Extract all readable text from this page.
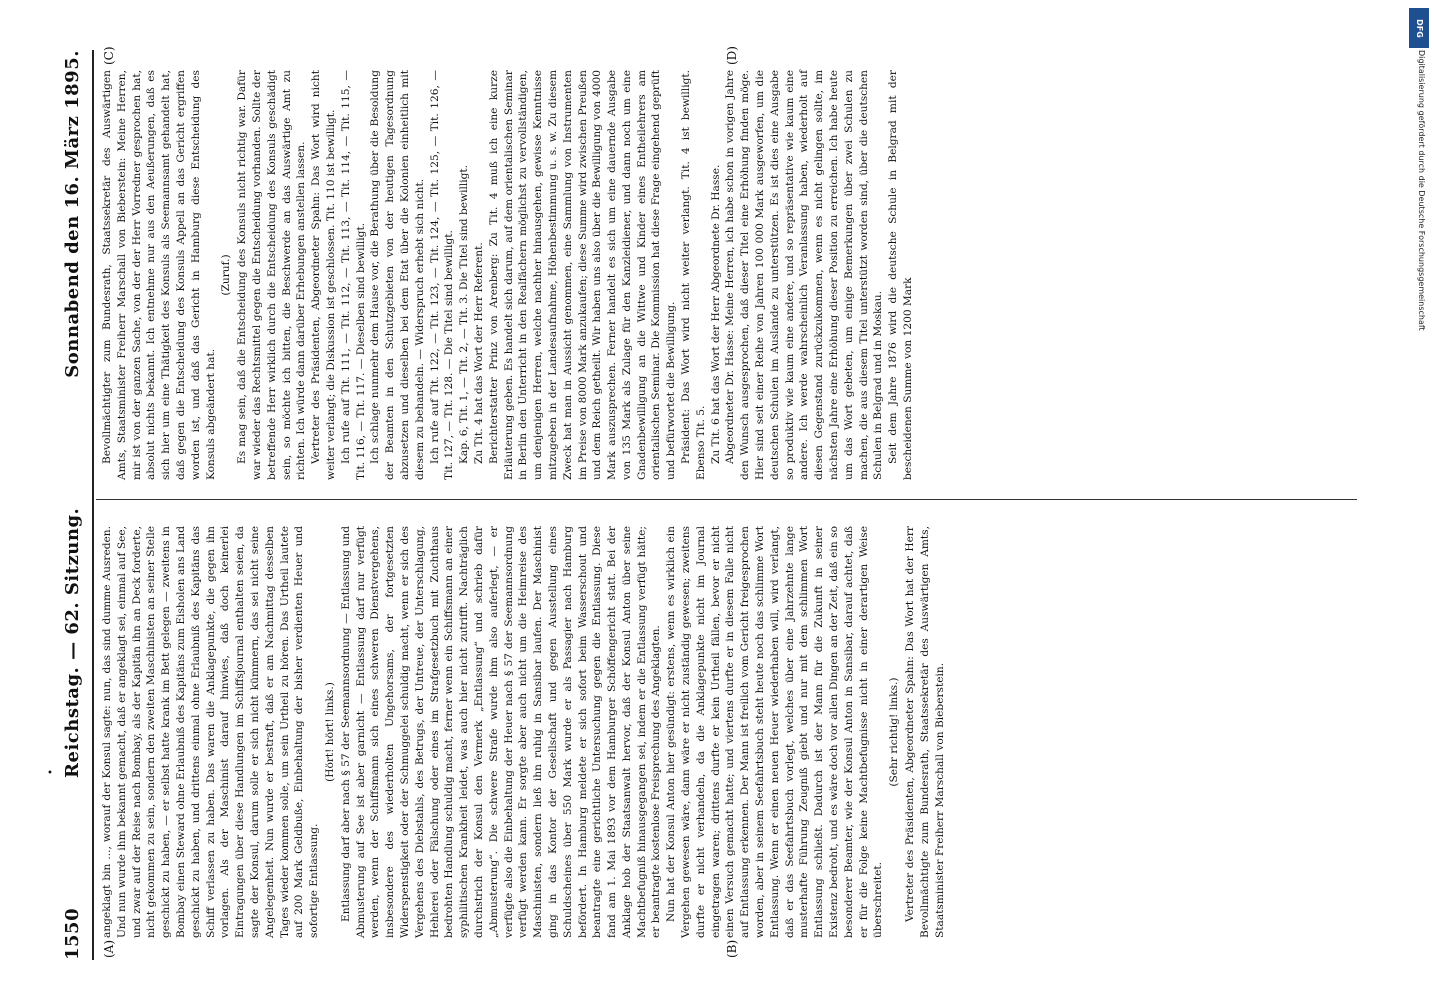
1550
Reichstag. — 62. Sitzung.
Sonnabend den 16. März 1895.
(A)	(B)
(C)	(D)

angeklagt bin ..., worauf der Konsul sagte: nun, das sind dumme Ausreden. Und nun wurde ihm bekannt gemacht, daß er angeklagt sei, einmal auf See, und zwar auf der Reise nach Bombay, als der Kapitän ihn an Deck forderte, nicht gekommen zu sein, sondern den zweiten Maschinisten an seiner Stelle geschickt zu haben, — er selbst hatte krank im Bett gelegen — zweitens in Bombay einen Steward ohne Erlaubniß des Kapitäns zum Eisholen ans Land geschickt zu haben, und drittens einmal ohne Erlaubniß des Kapitäns das Schiff verlassen zu haben. Das waren die Anklagepunkte, die gegen ihn vorlagen. Als der Maschinist darauf hinwies, daß doch keinerlei Eintragungen über diese Handlungen im Schiffsjournal enthalten seien, da sagte der Konsul, darum solle er sich nicht kümmern, das sei nicht seine Angelegenheit. Nun wurde er bestraft, daß er am Nachmittag desselben Tages wieder kommen solle, um sein Urtheil zu hören. Das Urtheil lautete auf 200 Mark Geldbuße, Einbehaltung der bisher verdienten Heuer und sofortige Entlassung.

(Hört! hört! links.) Entlassung darf aber nach § 57 der Seemannsordnung — Entlassung und Abmusterung auf See ist aber garnicht — Entlassung darf nur verfügt werden, wenn der Schiffsmann sich eines schweren Dienstvergehens, insbesondere des wiederholten Ungehorsams, der fortgesetzten Widerspenstigkeit oder der Schmuggelei schuldig macht, wenn er sich des Vergehens des Diebstahls, des Betrugs, der Untreue, der Unterschlagung, Hehlerei oder Fälschung oder eines im Strafgesetzbuch mit Zuchthaus bedrohten Handlung schuldig macht, ferner wenn ein Schiffsmann an einer syphilitischen Krankheit leidet, was auch hier nicht zutrifft. Nachträglich durchstrich der Konsul den Vermerk „Entlassung“ und schrieb dafür „Abmusterung“. Die schwere Strafe wurde ihm also auferlegt, — er verfügte also die Einbehaltung der Heuer nach § 57 der Seemannsordnung verfügt werden kann. Er sorgte aber auch nicht um die Heimreise des Maschinisten, sondern ließ ihn ruhig in Sansibar laufen. Der Maschinist ging in das Kontor der Gesellschaft und gegen Ausstellung eines Schuldscheines über 550 Mark wurde er als Passagier nach Hamburg befördert. In Hamburg meldete er sich sofort beim Wasserschout und beantragte eine gerichtliche Untersuchung gegen die Entlassung. Diese fand am 1. Mai 1893 vor dem Hamburger Schöffengericht statt. Bei der Anklage hob der Staatsanwalt hervor, daß der Konsul Anton über seine Machtbefugniß hinausgegangen sei, indem er die Entlassung verfügt hätte; er beantragte kostenlose Freisprechung des Angeklagten. Nun hat der Konsul Anton hier gesündigt: erstens, wenn es wirklich ein Vergehen gewesen wäre, dann wäre er nicht zuständig gewesen; zweitens durfte er nicht verhandeln, da die Anklagepunkte nicht im Journal eingetragen waren; drittens durfte er kein Urtheil fällen, bevor er nicht einen Versuch gemacht hatte; und viertens durfte er in diesem Falle nicht auf Entlassung erkennen. Der Mann ist freilich vom Gericht freigesprochen worden, aber in seinem Seefahrtsbuch steht heute noch das schlimme Wort Entlassung. Wenn er einen neuen Heuer wiederhaben will, wird verlangt, daß er das Seefahrtsbuch vorlegt, welches über eine Jahrzehnte lange musterhafte Führung Zeugniß giebt und nur mit dem schlimmen Wort Entlassung schließt. Dadurch ist der Mann für die Zukunft in seiner Existenz bedroht, und es wäre doch vor allen Dingen an der Zeit, daß ein so besonderer Beamter, wie der Konsul Anton in Sansibar, darauf achtet, daß er für die Folge keine Machtbefugnisse nicht in einer derartigen Weise überschreitet.

(Sehr richtig! links.) Vertreter des Präsidenten, Abgeordneter Spahn: Das Wort hat der Herr Bevollmächtigte zum Bundesrath, Staatssekretär des Auswärtigen Amts, Staatsminister Freiherr Marschall von Bieberstein.

Bevollmächtigter zum Bundesrath, Staatssekretär des Auswärtigen Amts, Staatsminister Freiherr Marschall von Bieberstein: Meine Herren, mir ist von der ganzen Sache, von der der Herr Vorredner gesprochen hat, absolut nichts bekannt. Ich entnehme nur aus den Aeußerungen, daß es sich hier um eine Thätigkeit des Konsuls als Seemannsamt gehandelt hat, daß gegen die Entscheidung des Konsuls Appell an das Gericht ergriffen worden ist, und daß das Gericht in Hamburg diese Entscheidung des Konsuls abgeändert hat.

(Zuruf.) Es mag sein, daß die Entscheidung des Konsuls nicht richtig war. Dafür war wieder das Rechtsmittel gegen die Entscheidung vorhanden. Sollte der betreffende Herr wirklich durch die Entscheidung des Konsuls geschädigt sein, so möchte ich bitten, die Beschwerde an das Auswärtige Amt zu richten. Ich würde dann darüber Erhebungen anstellen lassen. Vertreter des Präsidenten, Abgeordneter Spahn: Das Wort wird nicht weiter verlangt; die Diskussion ist geschlossen. Tit. 110 ist bewilligt. Ich rufe auf Tit. 111, — Tit. 112, — Tit. 113, — Tit. 114, — Tit. 115, — Tit. 116, — Tit. 117. — Dieselben sind bewilligt. Ich schlage nunmehr dem Hause vor, die Berathung über die Besoldung der Beamten in den Schutzgebieten von der heutigen Tagesordnung abzusetzen und dieselben bei dem Etat über die Kolonien einheitlich mit diesem zu behandeln. — Widerspruch erhebt sich nicht. Ich rufe auf Tit. 122, — Tit. 123, — Tit. 124, — Tit. 125, — Tit. 126, — Tit. 127, — Tit. 128. — Die Titel sind bewilligt. Kap. 6, Tit. 1, — Tit. 2, — Tit. 3. Die Titel sind bewilligt. Zu Tit. 4 hat das Wort der Herr Referent. Berichterstatter Prinz von Arenberg: Zu Tit. 4 muß ich eine kurze Erläuterung geben. Es handelt sich darum, auf dem orientalischen Seminar in Berlin den Unterricht in den Realfächern möglichst zu vervollständigen, um denjenigen Herren, welche nachher hinausgehen, gewisse Kenntnisse mitzugeben in der Landesaufnahme, Höhenbestimmung u. s. w. Zu diesem Zweck hat man in Aussicht genommen, eine Sammlung von Instrumenten im Preise von 8000 Mark anzukaufen; diese Summe wird zwischen Preußen und dem Reich getheilt. Wir haben uns also über die Bewilligung von 4000 Mark auszusprechen. Ferner handelt es sich um eine dauernde Ausgabe von 135 Mark als Zulage für den Kanzleidiener, und dann noch um eine Gnadenbewilligung an die Wittwe und Kinder eines Entheilehrers am orientalischen Seminar. Die Kommission hat diese Frage eingehend geprüft und befürwortet die Bewilligung. Präsident: Das Wort wird nicht weiter verlangt. Tit. 4 ist bewilligt. Ebenso Tit. 5. Zu Tit. 6 hat das Wort der Herr Abgeordnete Dr. Hasse. Abgeordneter Dr. Hasse: Meine Herren, ich habe schon in vorigen Jahre den Wunsch ausgesprochen, daß dieser Titel eine Erhöhung finden möge. Hier sind seit einer Reihe von Jahren 100 000 Mark ausgeworfen, um die deutschen Schulen im Auslande zu unterstützen. Es ist dies eine Ausgabe so produktiv wie kaum eine andere, und so repräsentative wie kaum eine andere. Ich werde wahrscheinlich Veranlassung haben, wiederholt auf diesen Gegenstand zurückzukommen, wenn es nicht gelingen sollte, im nächsten Jahre eine Erhöhung dieser Position zu erreichen. Ich habe heute um das Wort gebeten, um einige Bemerkungen über zwei Schulen zu machen, die aus diesem Titel unterstützt worden sind, über die deutschen Schulen in Belgrad und in Moskau. Seit dem Jahre 1876 wird die deutsche Schule in Belgrad mit der bescheidenen Summe von 1200 Mark

•
DFG
Digitalisierung gefördert durch die Deutsche Forschungsgemeinschaft
